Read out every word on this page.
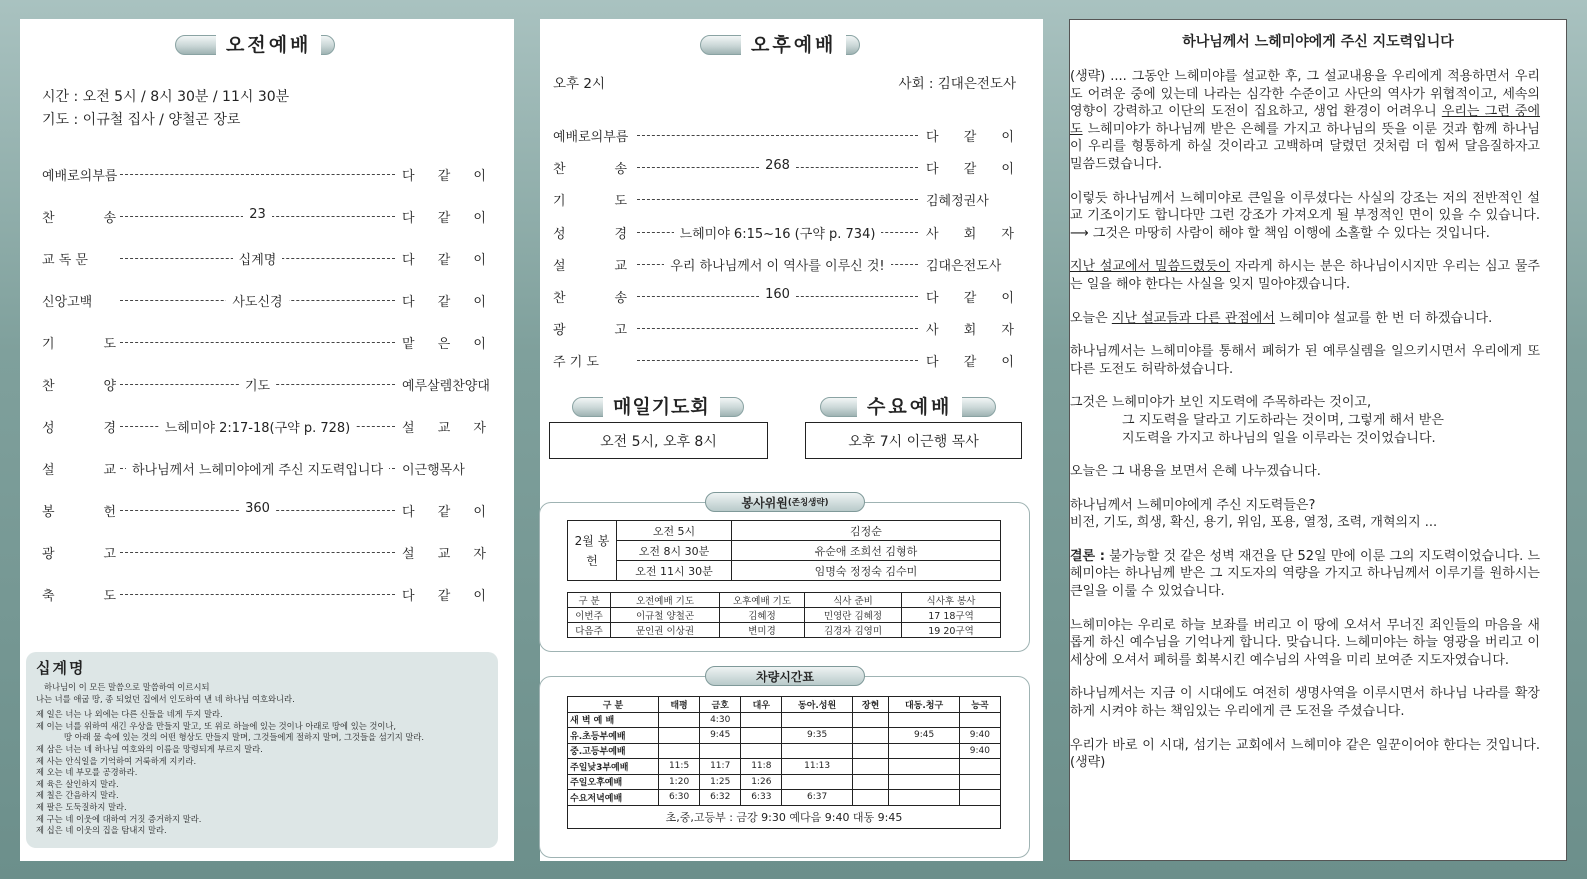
오전예배
시간 : 오전 5시 / 8시 30분 / 11시 30분
기도 : 이규철 집사 / 양철곤 장로
예배로의부름	다 같 이
찬	송	23	다 같 이
교 독 문	십계명	다 같 이
신앙고백	사도신경	다 같 이
기	도	맡 은 이
찬	양	기도	예루살렘찬양대
성	경	느헤미야 2:17-18(구약 p. 728)	설 교 자
설	교	하나님께서 느헤미야에게 주신 지도력입니다	이근행목사
봉	헌	360	다 같 이
광	고	설 교 자
축	도	다 같 이
십계명
하나님이 이 모든 말씀으로 말씀하여 이르시되
나는 너를 애굽 땅, 종 되었던 집에서 인도하여 낸 네 하나님 여호와니라.
제 일은 너는 나 외에는 다른 신들을 네게 두지 말라.
제 이는 너를 위하여 새긴 우상을 만들지 말고, 또 위로 하늘에 있는 것이나 아래로 땅에 있는 것이나,
땅 아래 물 속에 있는 것의 어떤 형상도 만들지 말며, 그것들에게 절하지 말며, 그것들을 섬기지 말라.
제 삼은 너는 네 하나님 여호와의 이름을 망령되게 부르지 말라.
제 사는 안식일을 기억하여 거룩하게 지키라.
제 오는 네 부모를 공경하라.
제 육은 살인하지 말라.
제 칠은 간음하지 말라.
제 팔은 도둑질하지 말라.
제 구는 네 이웃에 대하여 거짓 증거하지 말라.
제 십은 네 이웃의 집을 탐내지 말라.
오후예배
오후 2시	사회 : 김대은전도사
예배로의부름	다 같 이
찬	송	268	다 같 이
기	도	김혜정권사
성	경	느헤미야 6:15~16 (구약 p. 734)	사 회 자
설	교	우리 하나님께서 이 역사를 이루신 것!	김대은전도사
찬	송	160	다 같 이
광	고	사 회 자
주 기 도	다 같 이
매일기도회	수요예배
오전 5시, 오후 8시	오후 7시 이근행 목사
봉사위원 (존칭생략)
2월 봉헌	오전 5시	김정순
	오전 8시 30분	유순애 조희선 김형하
	오전 11시 30분	임명숙 정정숙 김수미
구 분	오전예배 기도	오후예배 기도	식사 준비	식사후 봉사
이번주	이규철 양철곤	김혜정	민영란 김혜정	17 18구역
다음주	문인권 이상권	변미경	김경자 김영미	19 20구역
차량시간표
구 분	태평	금호	대우	동아.성원	장현	대동.청구	능곡
새 벽 예 배		4:30					
유.초등부예배		9:45		9:35		9:45	9:40
중.고등부예배							9:40
주일낮3부예배	11:5	11:7	11:8	11:13			
주일오후예배	1:20	1:25	1:26				
수요저녁예배	6:30	6:32	6:33	6:37			
초,중,고등부 : 금강 9:30 예다음 9:40 대동 9:45							
하나님께서 느헤미야에게 주신 지도력입니다

(생략) .... 그동안 느헤미야를 설교한 후, 그 설교내용을 우리에게 적용하면서 우리도 어려운 중에 있는데 나라는 심각한 수준이고 사단의 역사가 위협적이고, 세속의 영향이 강력하고 이단의 도전이 집요하고, 생업 환경이 어려우니 우리는 그런 중에도 느헤미야가 하나님께 받은 은혜를 가지고 하나님의 뜻을 이룬 것과 함께 하나님이 우리를 형통하게 하실 것이라고 고백하며 달렸던 것처럼 더 힘써 달음질하자고 밀씀드렸습니다.

이렇듯 하나님께서 느헤미야로 큰일을 이루셨다는 사실의 강조는 저의 전반적인 설교 기조이기도 합니다만 그런 강조가 가져오게 될 부정적인 면이 있을 수 있습니다. ⟶ 그것은 마땅히 사람이 해야 할 책임 이행에 소홀할 수 있다는 것입니다.

지난 설교에서 밀씀드렸듯이 자라게 하시는 분은 하나님이시지만 우리는 심고 물주는 일을 해야 한다는 사실을 잊지 밀아야겠습니다.

오늘은 지난 설교들과 다른 관점에서 느헤미야 설교를 한 번 더 하겠습니다.

하나님께서는 느헤미야를 통해서 폐허가 된 예루실렘을 일으키시면서 우리에게 또 다른 도전도 허락하셨습니다.

그것은 느헤미야가 보인 지도력에 주목하라는 것이고,
그 지도력을 달라고 기도하라는 것이며, 그렇게 해서 받은
지도력을 가지고 하나님의 일을 이루라는 것이었습니다.

오늘은 그 내용을 보면서 은혜 나누겠습니다.

하나님께서 느헤미야에게 주신 지도력들은?
비전, 기도, 희생, 확신, 용기, 위임, 포용, 열정, 조력, 개혁의지 ...

결론 : 불가능할 것 같은 성벽 재건을 단 52일 만에 이룬 그의 지도력이었습니다. 느헤미야는 하나님께 받은 그 지도자의 역량을 가지고 하나님께서 이루기를 원하시는 큰일을 이룰 수 있었습니다.

느헤미야는 우리로 하늘 보좌를 버리고 이 땅에 오셔서 무너진 죄인들의 마음을 새롭게 하신 예수님을 기억나게 합니다. 맞습니다. 느헤미야는 하늘 영광을 버리고 이 세상에 오셔서 폐허를 회복시킨 예수님의 사역을 미리 보여준 지도자였습니다.

하나님께서는 지금 이 시대에도 여전히 생명사역을 이루시면서 하나님 나라를 확장하게 시켜야 하는 책임있는 우리에게 큰 도전을 주셨습니다.

우리가 바로 이 시대, 섬기는 교회에서 느헤미야 같은 일꾼이어야 한다는 것입니다.(생략)
